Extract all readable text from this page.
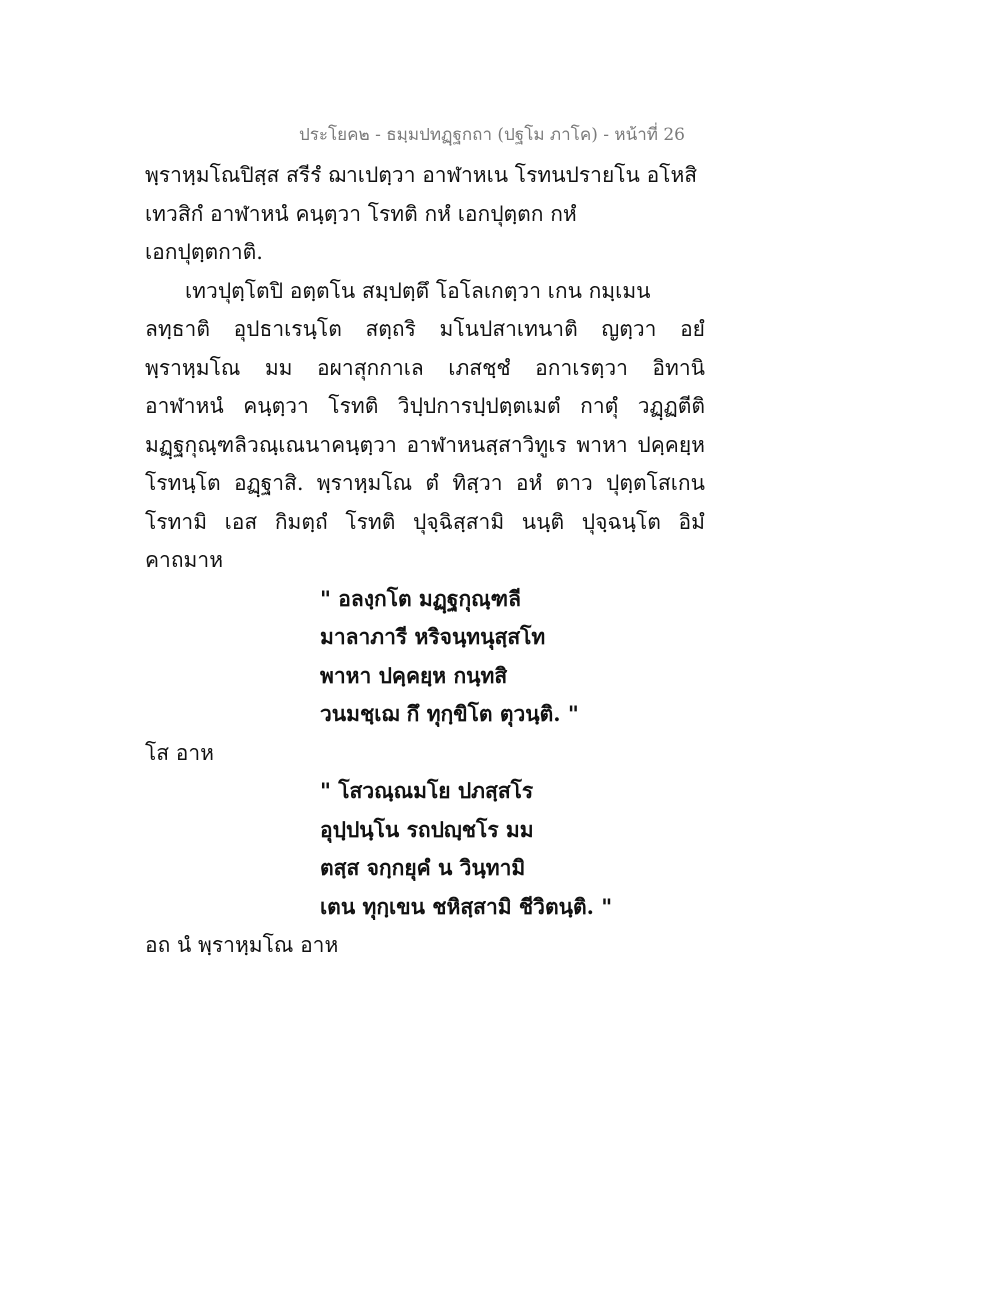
ประโยค๒ - ธมฺมปทฏฺฐกถา (ปฐโม ภาโค) - หน้าที่ 26
พฺราหฺมโณปิสฺส สรีรํ ฌาเปตฺวา อาฬาหเน โรทนปรายโน อโหสิ
เทวสิกํ อาฬาหนํ คนฺตฺวา โรทติ กหํ เอกปุตฺตก กหํ
เอกปุตฺตกาติ.
เทวปุตฺโตปิ อตฺตโน สมฺปตฺตึ โอโลเกตฺวา เกน กมฺเมน
ลทฺธาติ อุปธาเรนฺโต สตฺถริ มโนปสาเทนาติ ญตฺวา อยํ
พฺราหฺมโณ มม อผาสุกกาเล เภสชฺชํ อกาเรตฺวา อิทานิ
อาฬาหนํ คนฺตฺวา โรทติ วิปฺปการปฺปตฺตเมตํ กาตุํ วฏฺฏตีติ
มฏฺฐกุณฺฑลิวณฺเณนาคนฺตฺวา อาฬาหนสฺสาวิทูเร พาหา ปคฺคยฺห
โรทนฺโต อฏฺฐาสิ. พฺราหฺมโณ ตํ ทิสฺวา อหํ ตาว ปุตฺตโสเกน
โรทามิ เอส กิมตฺถํ โรทติ ปุจฺฉิสฺสามิ นนฺติ ปุจฺฉนฺโต อิมํ
คาถมาห
" อลงฺกโต มฏฺฐกุณฺฑลี
มาลาภารี หริจนฺทนุสฺสโท
พาหา ปคฺคยฺห กนฺทสิ
วนมชฺเฌ กึ ทุกฺขิโต ตุวนฺติ. "
โส อาห
" โสวณฺณมโย ปภสฺสโร
อุปฺปนฺโน รถปญฺชโร มม
ตสฺส จกฺกยุคํ น วินฺทามิ
เตน ทุกฺเขน ชหิสฺสามิ ชีวิตนฺติ. "
อถ นํ พฺราหฺมโณ อาห
